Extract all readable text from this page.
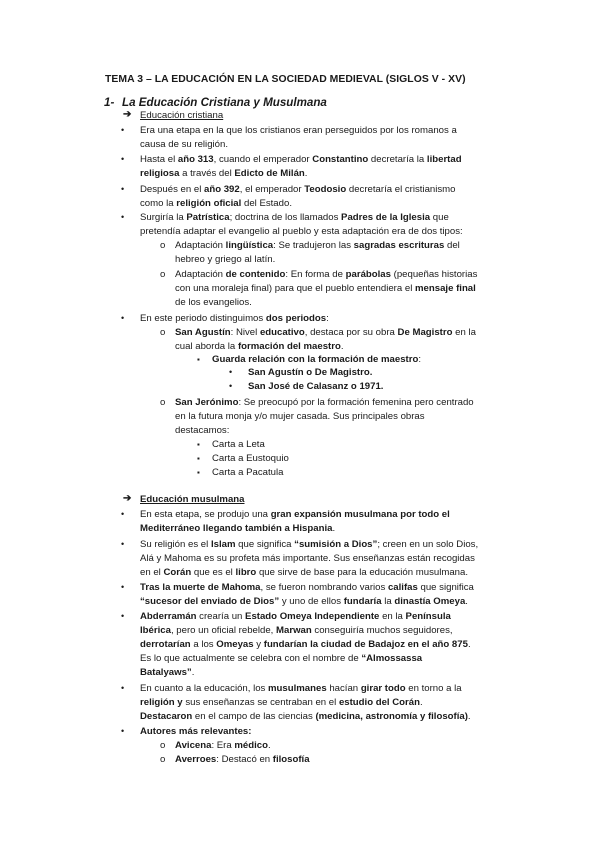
TEMA 3 – LA EDUCACIÓN EN LA SOCIEDAD MEDIEVAL (SIGLOS V - XV)
1- La Educación Cristiana y Musulmana
➔ Educación cristiana
• Era una etapa en la que los cristianos eran perseguidos por los romanos a
causa de su religión.
• Hasta el año 313, cuando el emperador Constantino decretaría la libertad
religiosa a través del Edicto de Milán.
• Después en el año 392, el emperador Teodosio decretaría el cristianismo
como la religión oficial del Estado.
• Surgiría la Patrística; doctrina de los llamados Padres de la Iglesia que
pretendía adaptar el evangelio al pueblo y esta adaptación era de dos tipos:
o Adaptación lingüística: Se tradujeron las sagradas escrituras del
hebreo y griego al latín.
o Adaptación de contenido: En forma de parábolas (pequeñas historias
con una moraleja final) para que el pueblo entendiera el mensaje final
de los evangelios.
• En este periodo distinguimos dos periodos:
o San Agustín: Nivel educativo, destaca por su obra De Magistro en la
cual aborda la formación del maestro.
▪ Guarda relación con la formación de maestro:
• San Agustín o De Magistro.
• San José de Calasanz o 1971.
o San Jerónimo: Se preocupó por la formación femenina pero centrado
en la futura monja y/o mujer casada. Sus principales obras
destacamos:
▪ Carta a Leta
▪ Carta a Eustoquio
▪ Carta a Pacatula
➔ Educación musulmana
• En esta etapa, se produjo una gran expansión musulmana por todo el
Mediterráneo llegando también a Hispania.
• Su religión es el Islam que significa “sumisión a Dios”; creen en un solo Dios,
Alá y Mahoma es su profeta más importante. Sus enseñanzas están recogidas
en el Corán que es el libro que sirve de base para la educación musulmana.
• Tras la muerte de Mahoma, se fueron nombrando varios califas que significa
“sucesor del enviado de Dios” y uno de ellos fundaría la dinastía Omeya.
• Abderramán crearía un Estado Omeya Independiente en la Península
Ibérica, pero un oficial rebelde, Marwan conseguiría muchos seguidores,
derrotarían a los Omeyas y fundarían la ciudad de Badajoz en el año 875.
Es lo que actualmente se celebra con el nombre de “Almossassa
Batalyaws”.
• En cuanto a la educación, los musulmanes hacían girar todo en torno a la
religión y sus enseñanzas se centraban en el estudio del Corán.
Destacaron en el campo de las ciencias (medicina, astronomía y filosofía).
• Autores más relevantes:
o Avicena: Era médico.
o Averroes: Destacó en filosofía
